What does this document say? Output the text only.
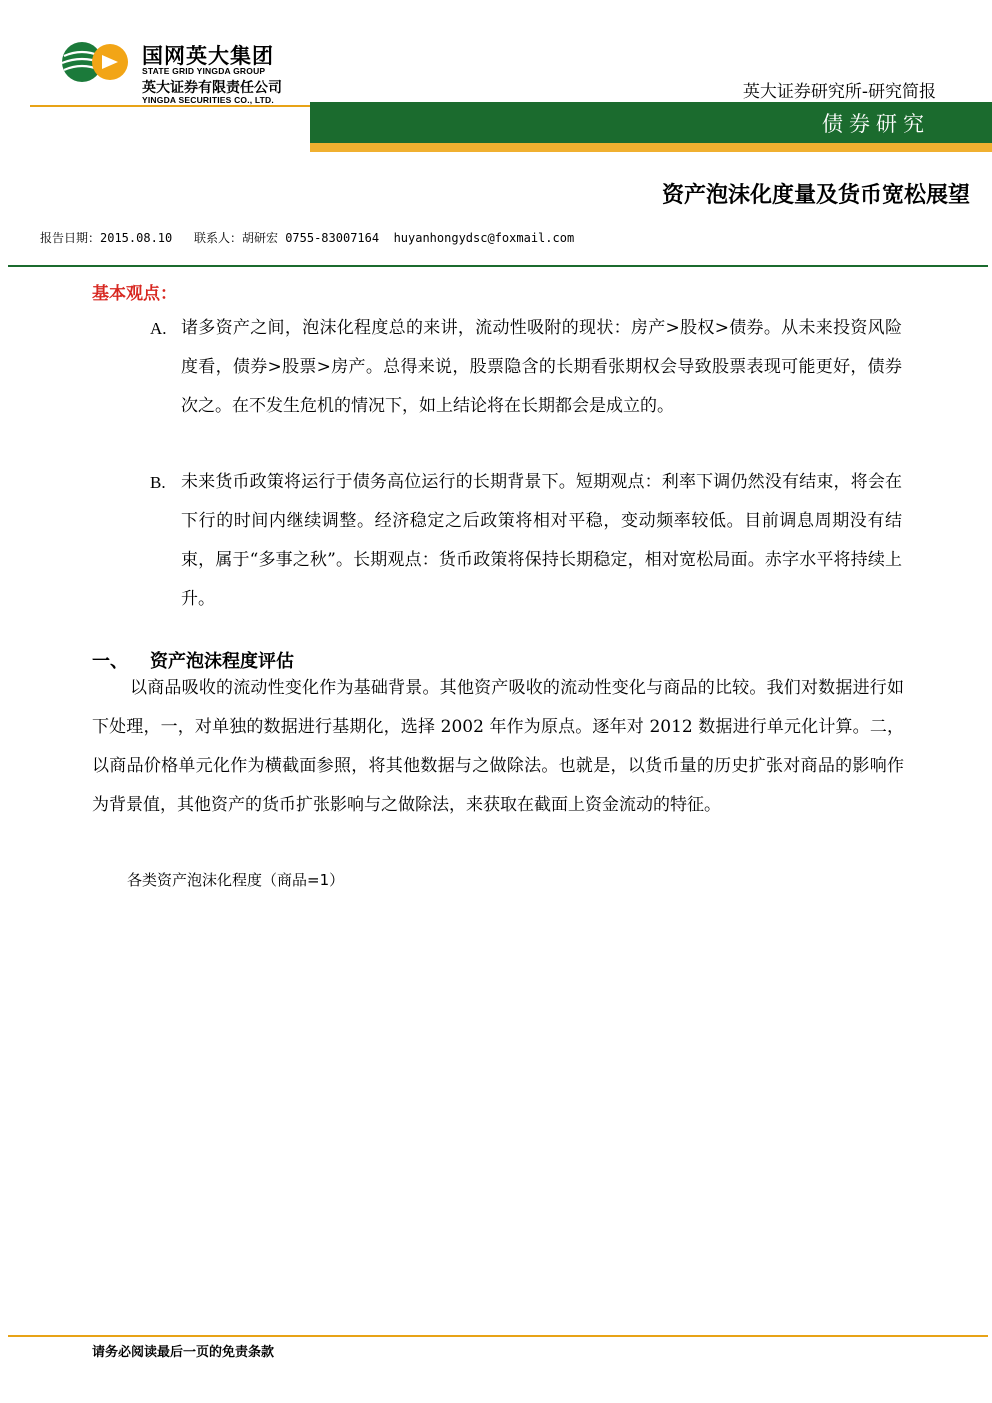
国网英大集团
STATE GRID YINGDA GROUP
英大证券有限责任公司
YINGDA SECURITIES CO., LTD.	英大证券研究所-研究简报
债券研究
资产泡沫化度量及货币宽松展望
报告日期：2015.08.10 联系人：胡研宏 0755-83007164 huyanhongydsc@foxmail.com
基本观点：
A. 诸多资产之间，泡沫化程度总的来讲，流动性吸附的现状：房产>股权>债券。从未来投资风险度看，债券>股票>房产。总得来说，股票隐含的长期看张期权会导致股票表现可能更好，债券次之。在不发生危机的情况下，如上结论将在长期都会是成立的。
B. 未来货币政策将运行于债务高位运行的长期背景下。短期观点：利率下调仍然没有结束，将会在下行的时间内继续调整。经济稳定之后政策将相对平稳，变动频率较低。目前调息周期没有结束，属于“多事之秋”。长期观点：货币政策将保持长期稳定，相对宽松局面。赤字水平将持续上升。
一、 资产泡沫程度评估
以商品吸收的流动性变化作为基础背景。其他资产吸收的流动性变化与商品的比较。我们对数据进行如下处理，一，对单独的数据进行基期化，选择 2002 年作为原点。逐年对 2012 数据进行单元化计算。二，以商品价格单元化作为横截面参照，将其他数据与之做除法。也就是，以货币量的历史扩张对商品的影响作为背景值，其他资产的货币扩张影响与之做除法，来获取在截面上资金流动的特征。
各类资产泡沫化程度（商品=1）
请务必阅读最后一页的免责条款
